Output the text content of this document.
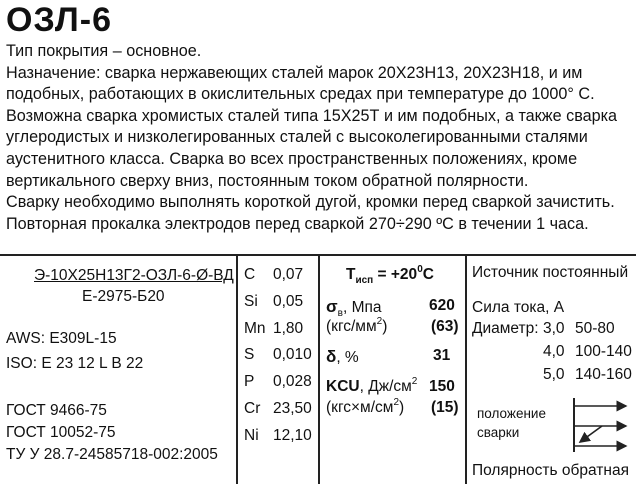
ОЗЛ-6
Тип покрытия – основное.
Назначение: сварка нержавеющих сталей марок 20Х23Н13, 20Х23Н18, и им
подобных, работающих в окислительных средах при температуре до 1000° С.
Возможна сварка хромистых сталей типа 15Х25Т и им подобных, а также сварка
углеродистых и низколегированных сталей с высоколегированными сталями
аустенитного класса. Сварка во всех пространственных положениях, кроме
вертикального сверху вниз, постоянным током обратной полярности.
Сварку необходимо выполнять короткой дугой, кромки перед сваркой зачистить.
Повторная прокалка электродов перед сваркой 270÷290 ºС в течении 1 часа.
Э-10Х25Н13Г2-ОЗЛ-6-Ø-ВД
Е-2975-Б20
AWS: E309L-15
ISO: E 23 12 L B 22
ГОСТ 9466-75
ГОСТ 10052-75
ТУ У 28.7-24585718-002:2005
C 0,07
Si 0,05
Mn 1,80
S 0,010
P 0,028
Cr 23,50
Ni 12,10
$Т_{исп} = +20^0С$
$\sigma_в$, Мпа	620
$(кгс/мм^2)$	(63)
δ, %	31
KCU, $Дж/см^2$ 150
$(кгс\times м/см^2)$ (15)
Источник постоянный
Сила тока, А
Диаметр: 3,0 50-80
4,0 100-140
5,0 140-160
положение
сварки
Полярность обратная
